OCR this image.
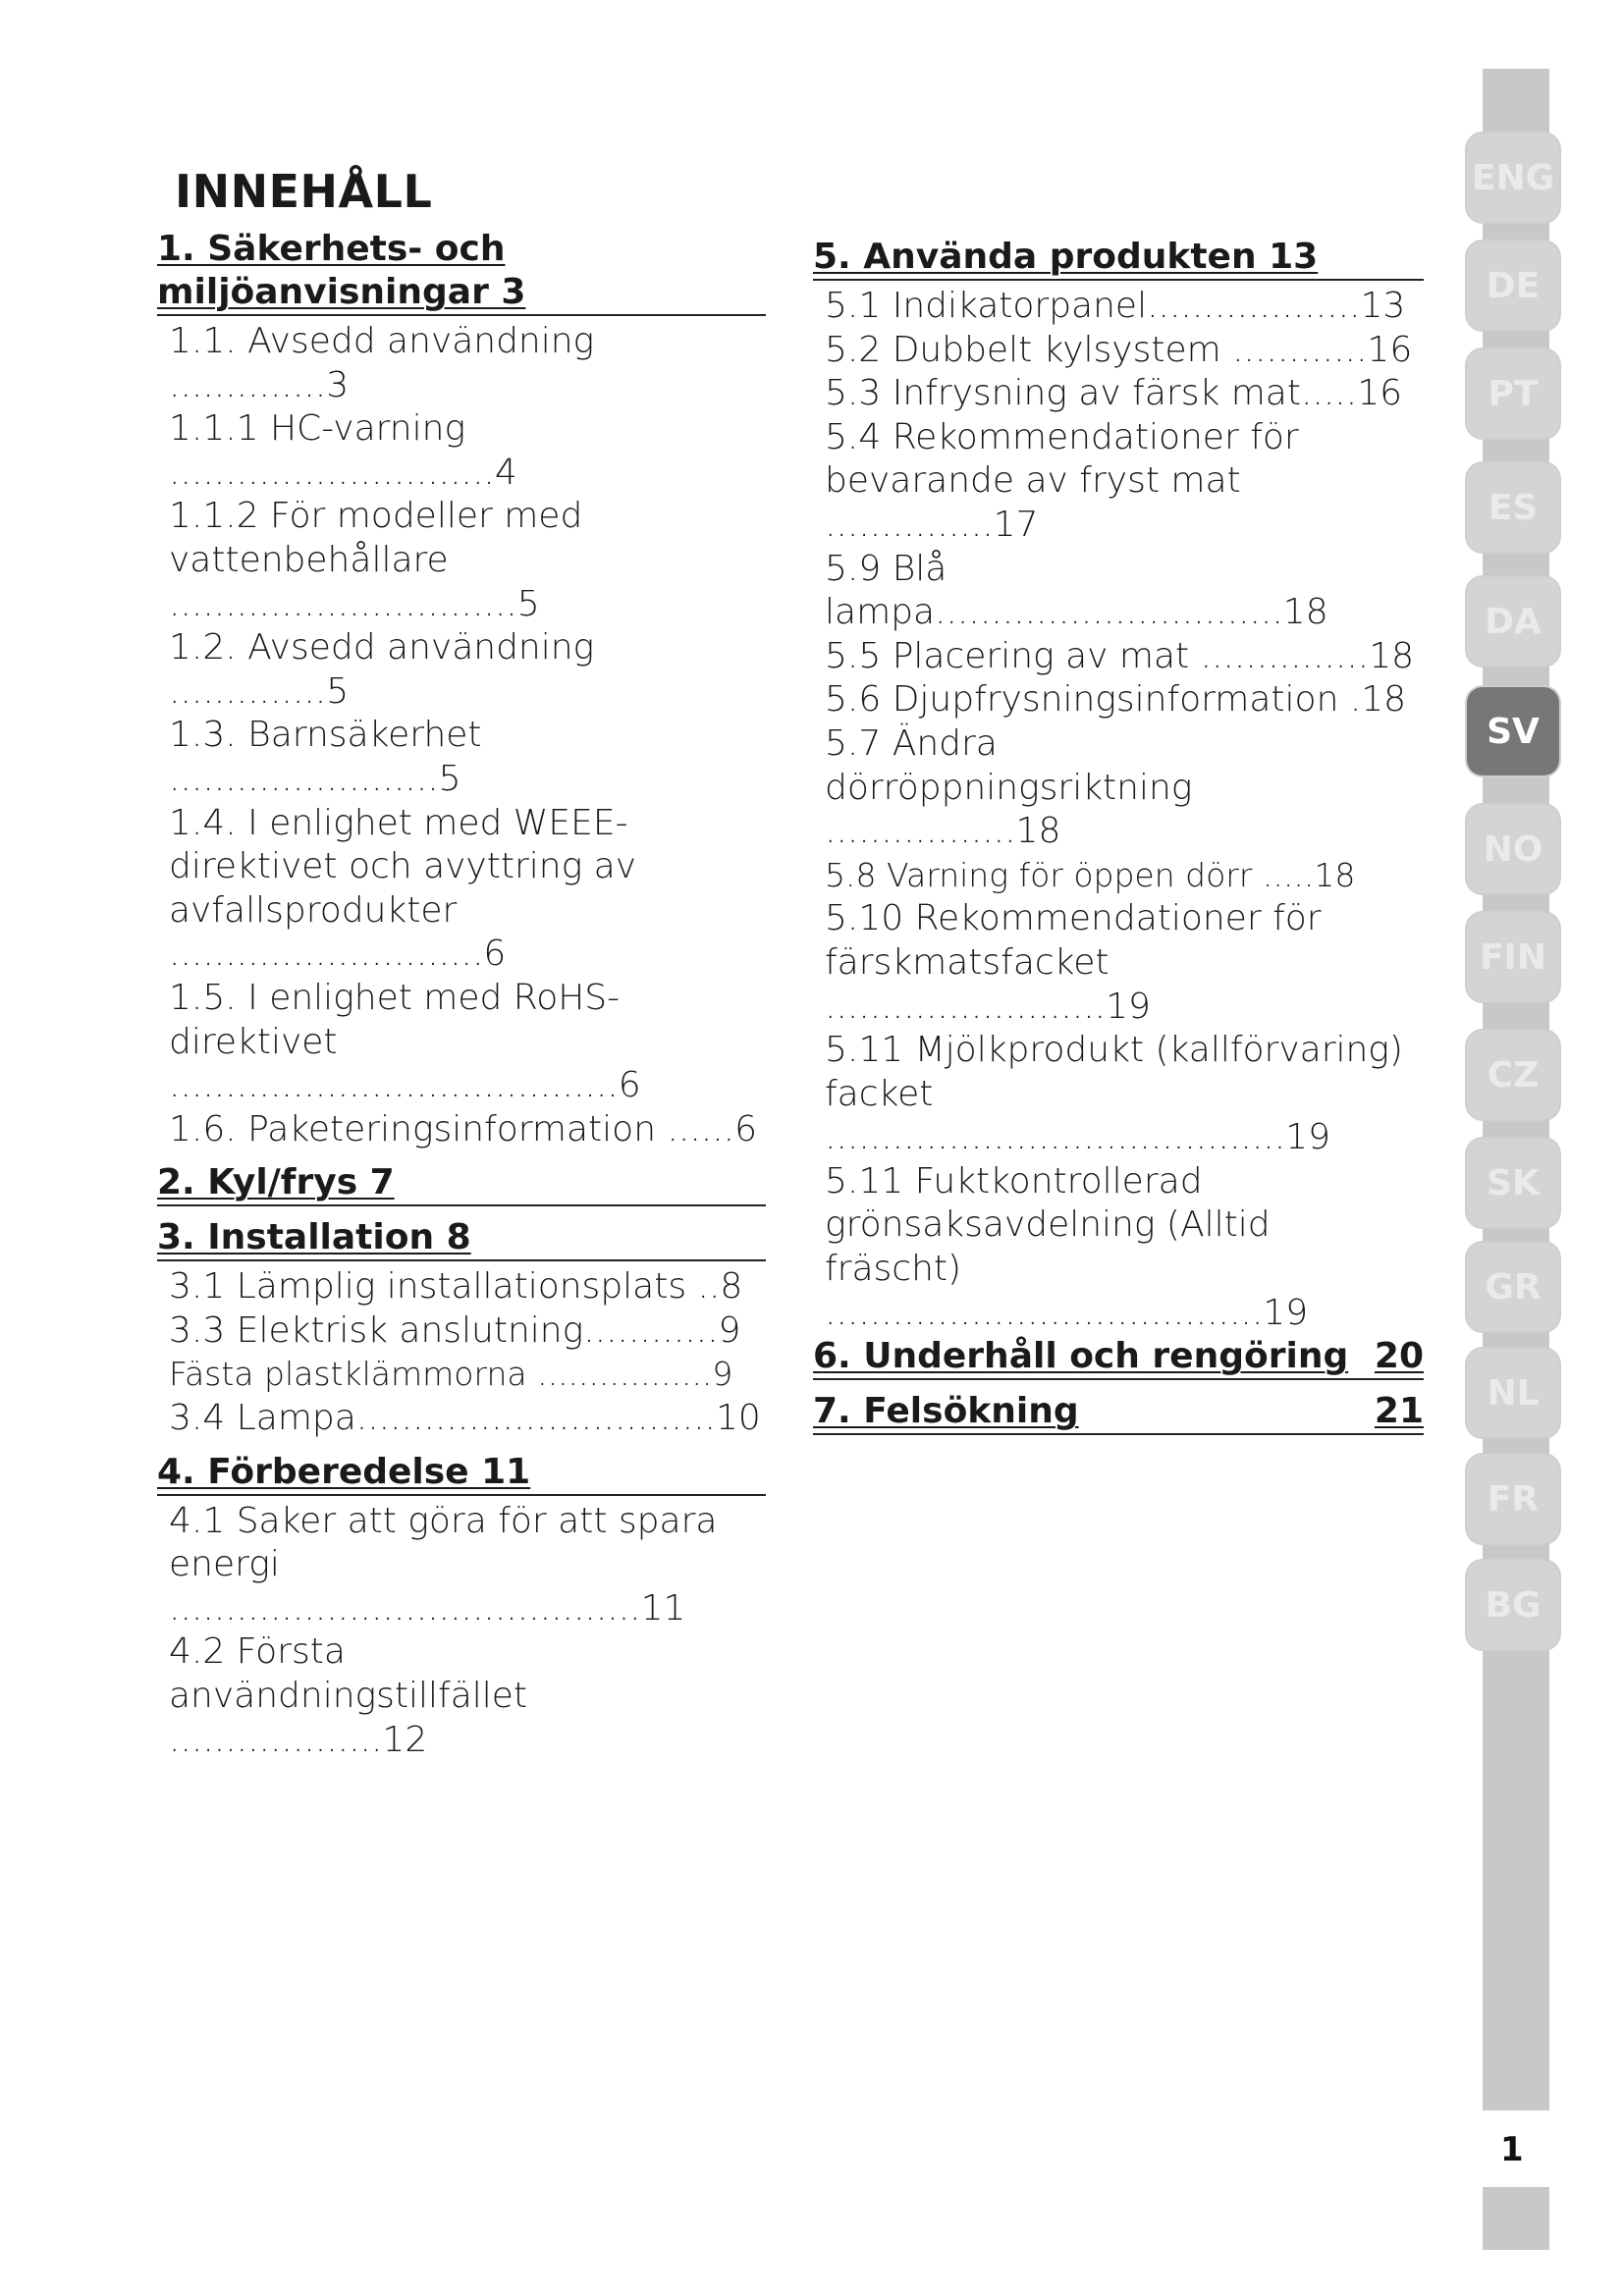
INNEHÅLL
1. Säkerhets- och
miljöanvisningar 3
1.1. Avsedd användning ..............3
1.1.1 HC-varning .............................4
1.1.2 För modeller med
vattenbehållare ...............................5
1.2. Avsedd användning ..............5
1.3. Barnsäkerhet ........................5
1.4. I enlighet med WEEE-
direktivet och avyttring av
avfallsprodukter ............................6
1.5. I enlighet med RoHS-
direktivet ........................................6
1.6. Paketeringsinformation ......6
2. Kyl/frys 7
3. Installation 8
3.1 Lämplig installationsplats ..8
3.3 Elektrisk anslutning............9
Fästa plastklämmorna .................9
3.4 Lampa................................10
4. Förberedelse 11
4.1 Saker att göra för att spara
energi ..........................................11
4.2 Första
användningstillfället ...................12
5. Använda produkten 13
5.1 Indikatorpanel...................13
5.2 Dubbelt kylsystem ............16
5.3 Infrysning av färsk mat.....16
5.4 Rekommendationer för
bevarande av fryst mat ...............17
5.9 Blå lampa...............................18
5.5 Placering av mat ...............18
5.6 Djupfrysningsinformation .18
5.7 Ändra
dörröppningsriktning .................18
5.8 Varning för öppen dörr .....18
5.10 Rekommendationer för
färskmatsfacket .........................19
5.11 Mjölkprodukt (kallförvaring)
facket .........................................19
5.11 Fuktkontrollerad
grönsaksavdelning (Alltid
fräscht) .......................................19
6. Underhåll och rengöring 20
7. Felsökning	21
ENG
DE
PT
ES
DA
SV
NO
FIN
CZ
SK
GR
NL
FR
BG
1
